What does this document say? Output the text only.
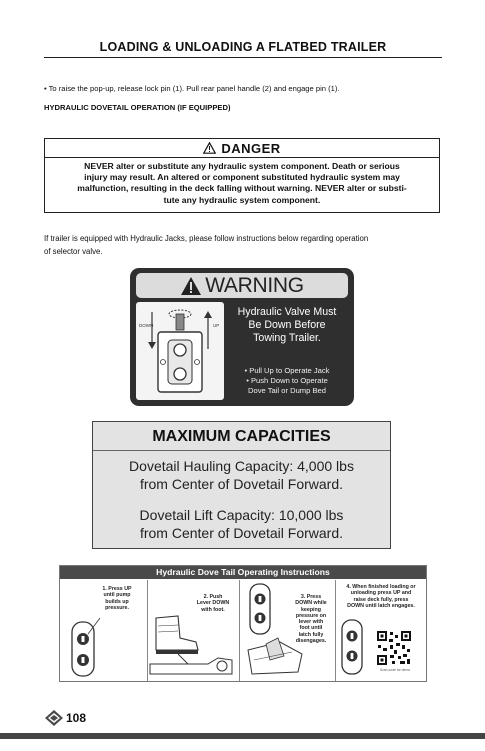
LOADING & UNLOADING A FLATBED TRAILER
• To raise the pop-up, release lock pin (1). Pull rear panel handle (2) and engage pin (1).
HYDRAULIC DOVETAIL OPERATION (IF EQUIPPED)
DANGER
NEVER alter or substitute any hydraulic system component. Death or serious
injury may result. An altered or component substituted hydraulic system may
malfunction, resulting in the deck falling without warning. NEVER alter or substi-
tute any hydraulic system component.
If trailer is equipped with Hydraulic Jacks, please follow instructions below regarding operation
of selector valve.
WARNING
DOWN	UP
Hydraulic Valve Must
Be Down Before
Towing Trailer.
• Pull Up to Operate Jack
• Push Down to Operate
Dove Tail or Dump Bed
MAXIMUM CAPACITIES
Dovetail Hauling Capacity: 4,000 lbs
from Center of Dovetail Forward.
Dovetail Lift Capacity: 10,000 lbs
from Center of Dovetail Forward.
Hydraulic Dove Tail Operating Instructions
1. Press UP
until pump
builds up
pressure.
2. Push
Lever DOWN
with foot.
3. Press
DOWN while
keeping
pressure on
lever with
foot until
latch fully
disengages.
4. When finished loading or
unloading press UP and
raise deck fully, press
DOWN until latch engages.
Scan code for demo
108
